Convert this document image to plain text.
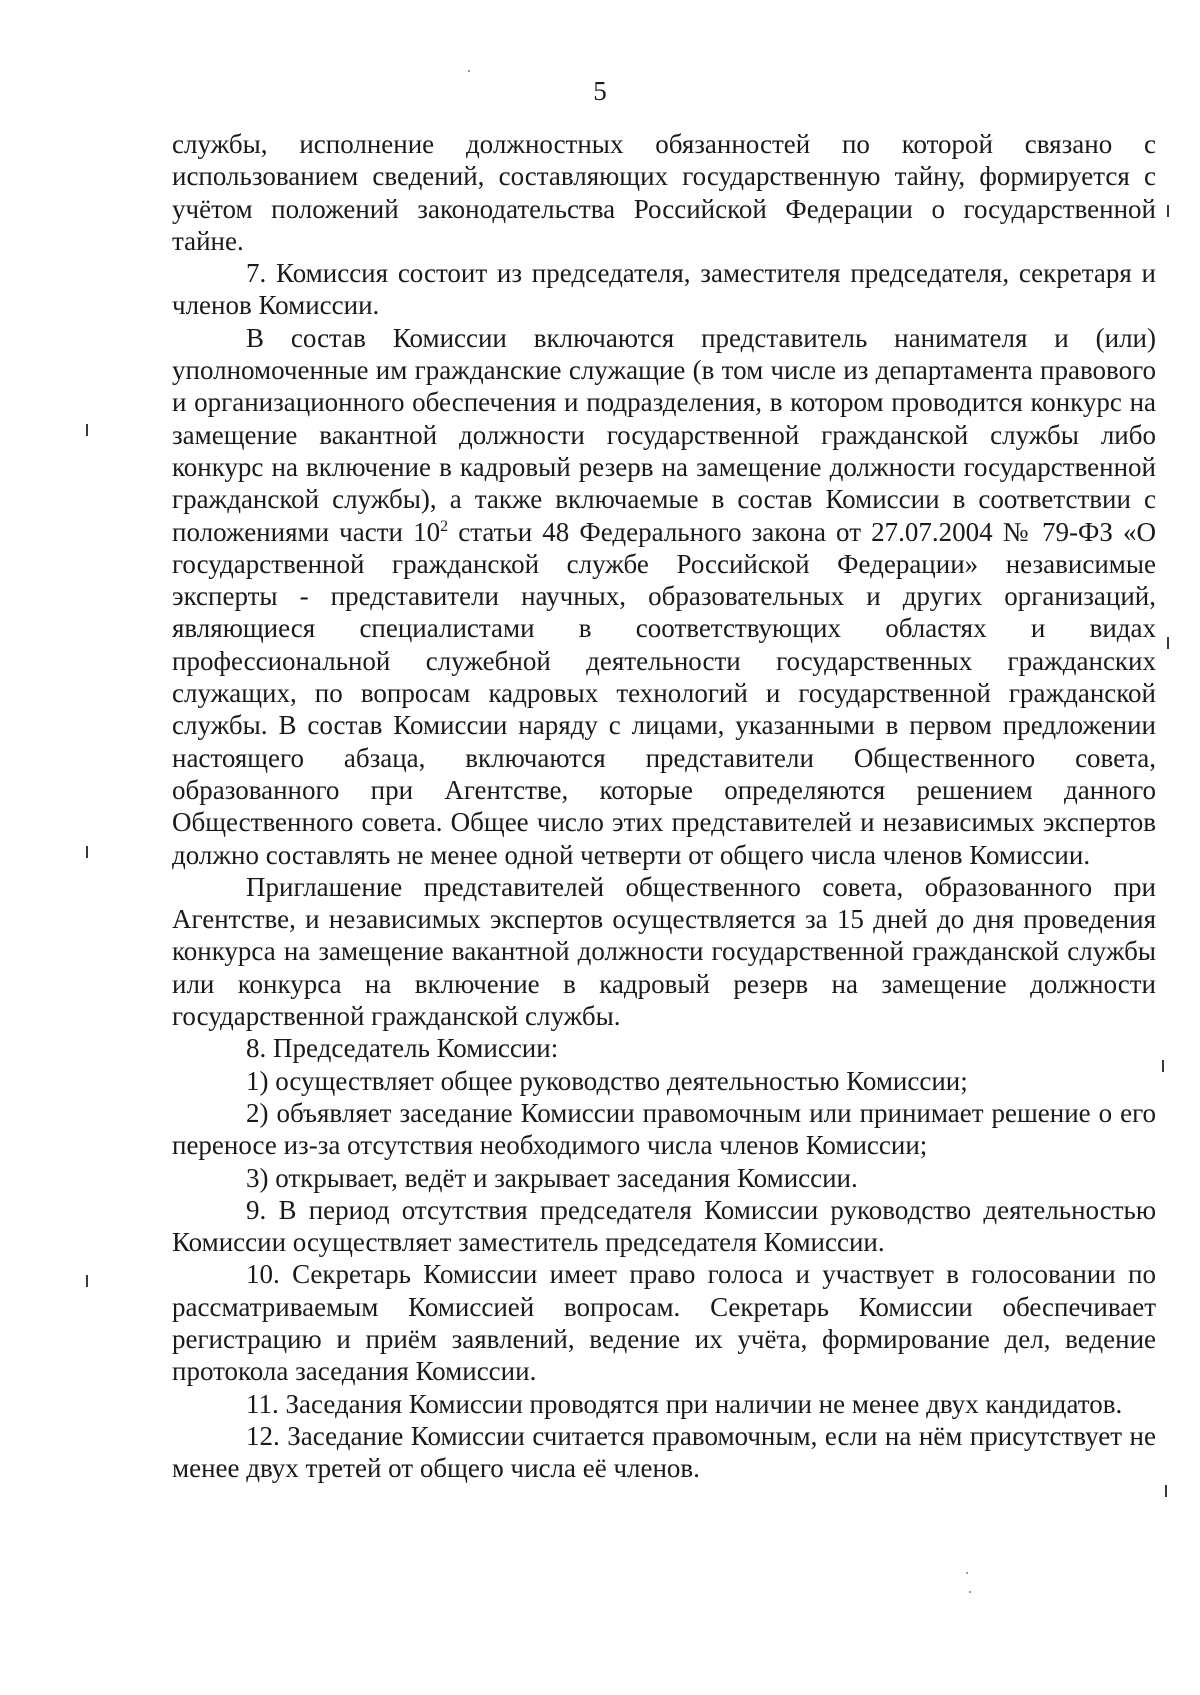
5

службы, исполнение должностных обязанностей по которой связано с использованием сведений, составляющих государственную тайну, формируется с учётом положений законодательства Российской Федерации о государственной тайне.

7. Комиссия состоит из председателя, заместителя председателя, секретаря и членов Комиссии.

В состав Комиссии включаются представитель нанимателя и (или) уполномоченные им гражданские служащие (в том числе из департамента правового и организационного обеспечения и подразделения, в котором проводится конкурс на замещение вакантной должности государственной гражданской службы либо конкурс на включение в кадровый резерв на замещение должности государственной гражданской службы), а также включаемые в состав Комиссии в соответствии с положениями части $10^2$ статьи 48 Федерального закона от 27.07.2004 № 79-ФЗ «О государственной гражданской службе Российской Федерации» независимые эксперты - представители научных, образовательных и других организаций, являющиеся специалистами в соответствующих областях и видах профессиональной служебной деятельности государственных гражданских служащих, по вопросам кадровых технологий и государственной гражданской службы. В состав Комиссии наряду с лицами, указанными в первом предложении настоящего абзаца, включаются представители Общественного совета, образованного при Агентстве, которые определяются решением данного Общественного совета. Общее число этих представителей и независимых экспертов должно составлять не менее одной четверти от общего числа членов Комиссии.

Приглашение представителей общественного совета, образованного при Агентстве, и независимых экспертов осуществляется за 15 дней до дня проведения конкурса на замещение вакантной должности государственной гражданской службы или конкурса на включение в кадровый резерв на замещение должности государственной гражданской службы.

8. Председатель Комиссии:

1) осуществляет общее руководство деятельностью Комиссии;

2) объявляет заседание Комиссии правомочным или принимает решение о его переносе из-за отсутствия необходимого числа членов Комиссии;

3) открывает, ведёт и закрывает заседания Комиссии.

9. В период отсутствия председателя Комиссии руководство деятельностью Комиссии осуществляет заместитель председателя Комиссии.

10. Секретарь Комиссии имеет право голоса и участвует в голосовании по рассматриваемым Комиссией вопросам. Секретарь Комиссии обеспечивает регистрацию и приём заявлений, ведение их учёта, формирование дел, ведение протокола заседания Комиссии.

11. Заседания Комиссии проводятся при наличии не менее двух кандидатов.

12. Заседание Комиссии считается правомочным, если на нём присутствует не менее двух третей от общего числа её членов.
